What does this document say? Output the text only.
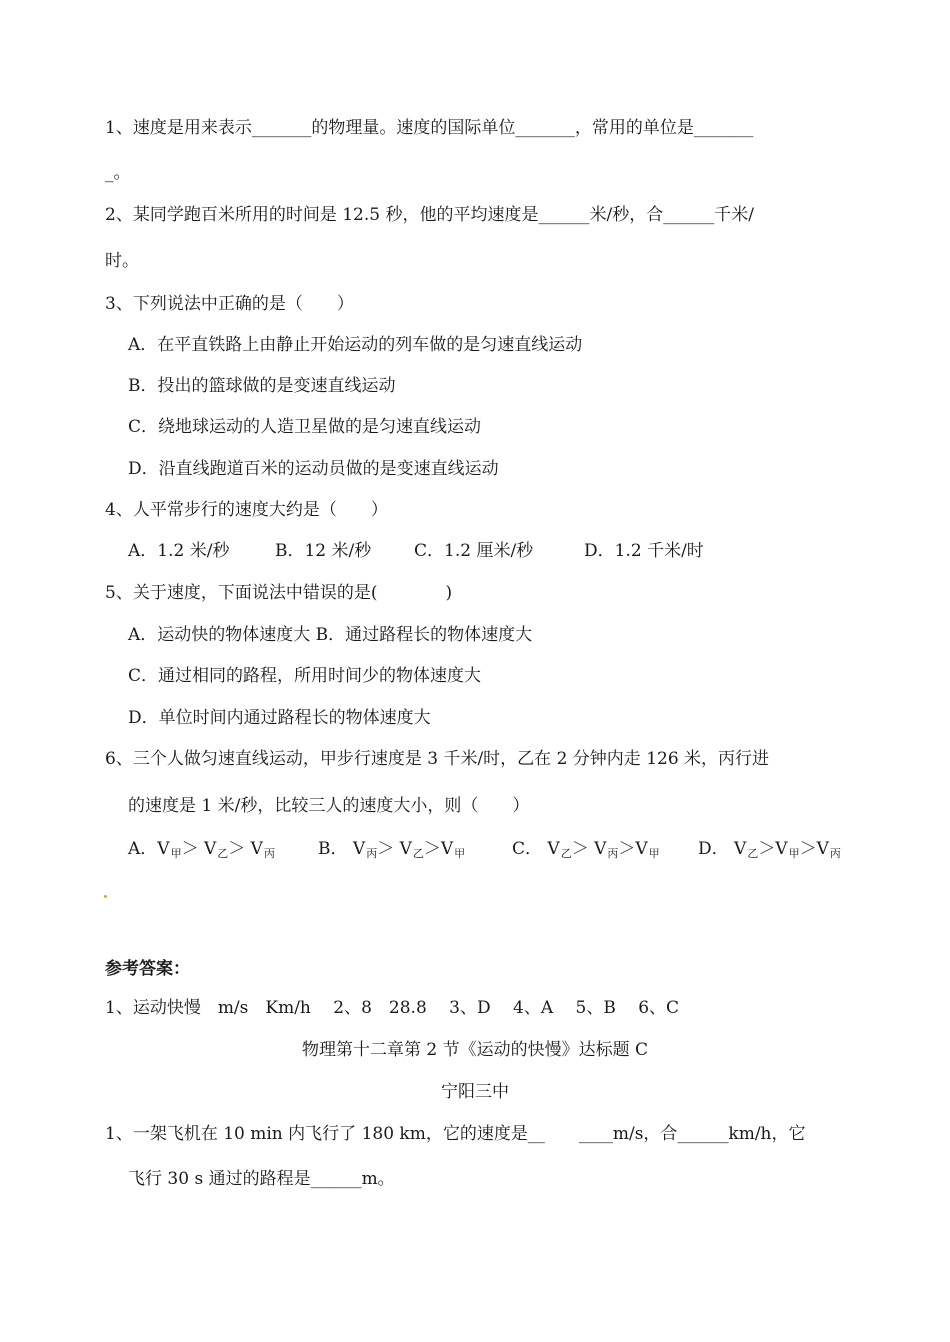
1、速度是用来表示_______的物理量。速度的国际单位_______，常用的单位是_______
_。
2、某同学跑百米所用的时间是 12.5 秒，他的平均速度是______米/秒，合______千米/
时。
3、下列说法中正确的是（　　）
A．在平直铁路上由静止开始运动的列车做的是匀速直线运动
B．投出的篮球做的是变速直线运动
C．绕地球运动的人造卫星做的是匀速直线运动
D．沿直线跑道百米的运动员做的是变速直线运动
4、人平常步行的速度大约是（　　）
A．1.2 米/秒	B．12 米/秒	C．1.2 厘米/秒	D．1.2 千米/时
5、关于速度，下面说法中错误的是(　　　　)
A．运动快的物体速度大 B．通过路程长的物体速度大
C．通过相同的路程，所用时间少的物体速度大
D．单位时间内通过路程长的物体速度大
6、三个人做匀速直线运动，甲步行速度是 3 千米/时，乙在 2 分钟内走 126 米，丙行进
的速度是 1 米/秒，比较三人的速度大小，则（　　）
A．V甲＞ V乙＞ V丙	B． V丙＞ V乙＞V甲	C． V乙＞ V丙＞V甲 D． V乙＞V甲＞V丙
参考答案：
1、运动快慢　m/s　Km/h　 2、8　28.8　 3、D　 4、A　 5、B　 6、C
物理第十二章第 2 节《运动的快慢》达标题 C
宁阳三中
1、一架飞机在 10 min 内飞行了 180 km，它的速度是__　　____m/s，合______km/h，它
飞行 30 s 通过的路程是______m。
